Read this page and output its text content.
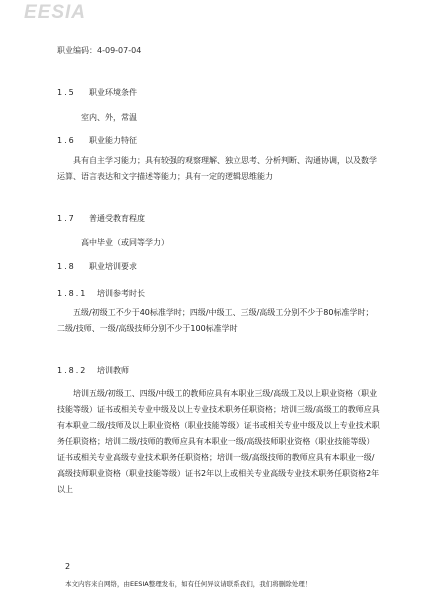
EESIA
职业编码：4-09-07-04
1.5 职业环境条件
室内、外，常温
1.6 职业能力特征

具有自主学习能力；具有较强的观察理解、独立思考、分析判断、沟通协调，以及数学运算、语言表达和文字描述等能力；具有一定的逻辑思维能力

1.7 普通受教育程度
高中毕业（或同等学力）
1.8 职业培训要求
1.8.1 培训参考时长

五级/初级工不少于40标准学时；四级/中级工、三级/高级工分别不少于80标准学时；二级/技师、一级/高级技师分别不少于100标准学时

1.8.2 培训教师

培训五级/初级工、四级/中级工的教师应具有本职业三级/高级工及以上职业资格（职业技能等级）证书或相关专业中级及以上专业技术职务任职资格；培训三级/高级工的教师应具有本职业二级/技师及以上职业资格（职业技能等级）证书或相关专业中级及以上专业技术职务任职资格；培训二级/技师的教师应具有本职业一级/高级技师职业资格（职业技能等级）证书或相关专业高级专业技术职务任职资格；培训一级/高级技师的教师应具有本职业一级/高级技师职业资格（职业技能等级）证书2年以上或相关专业高级专业技术职务任职资格2年以上

2
本文内容来自网络，由EESIA整理发布，如有任何异议请联系我们，我们将删除处理！
